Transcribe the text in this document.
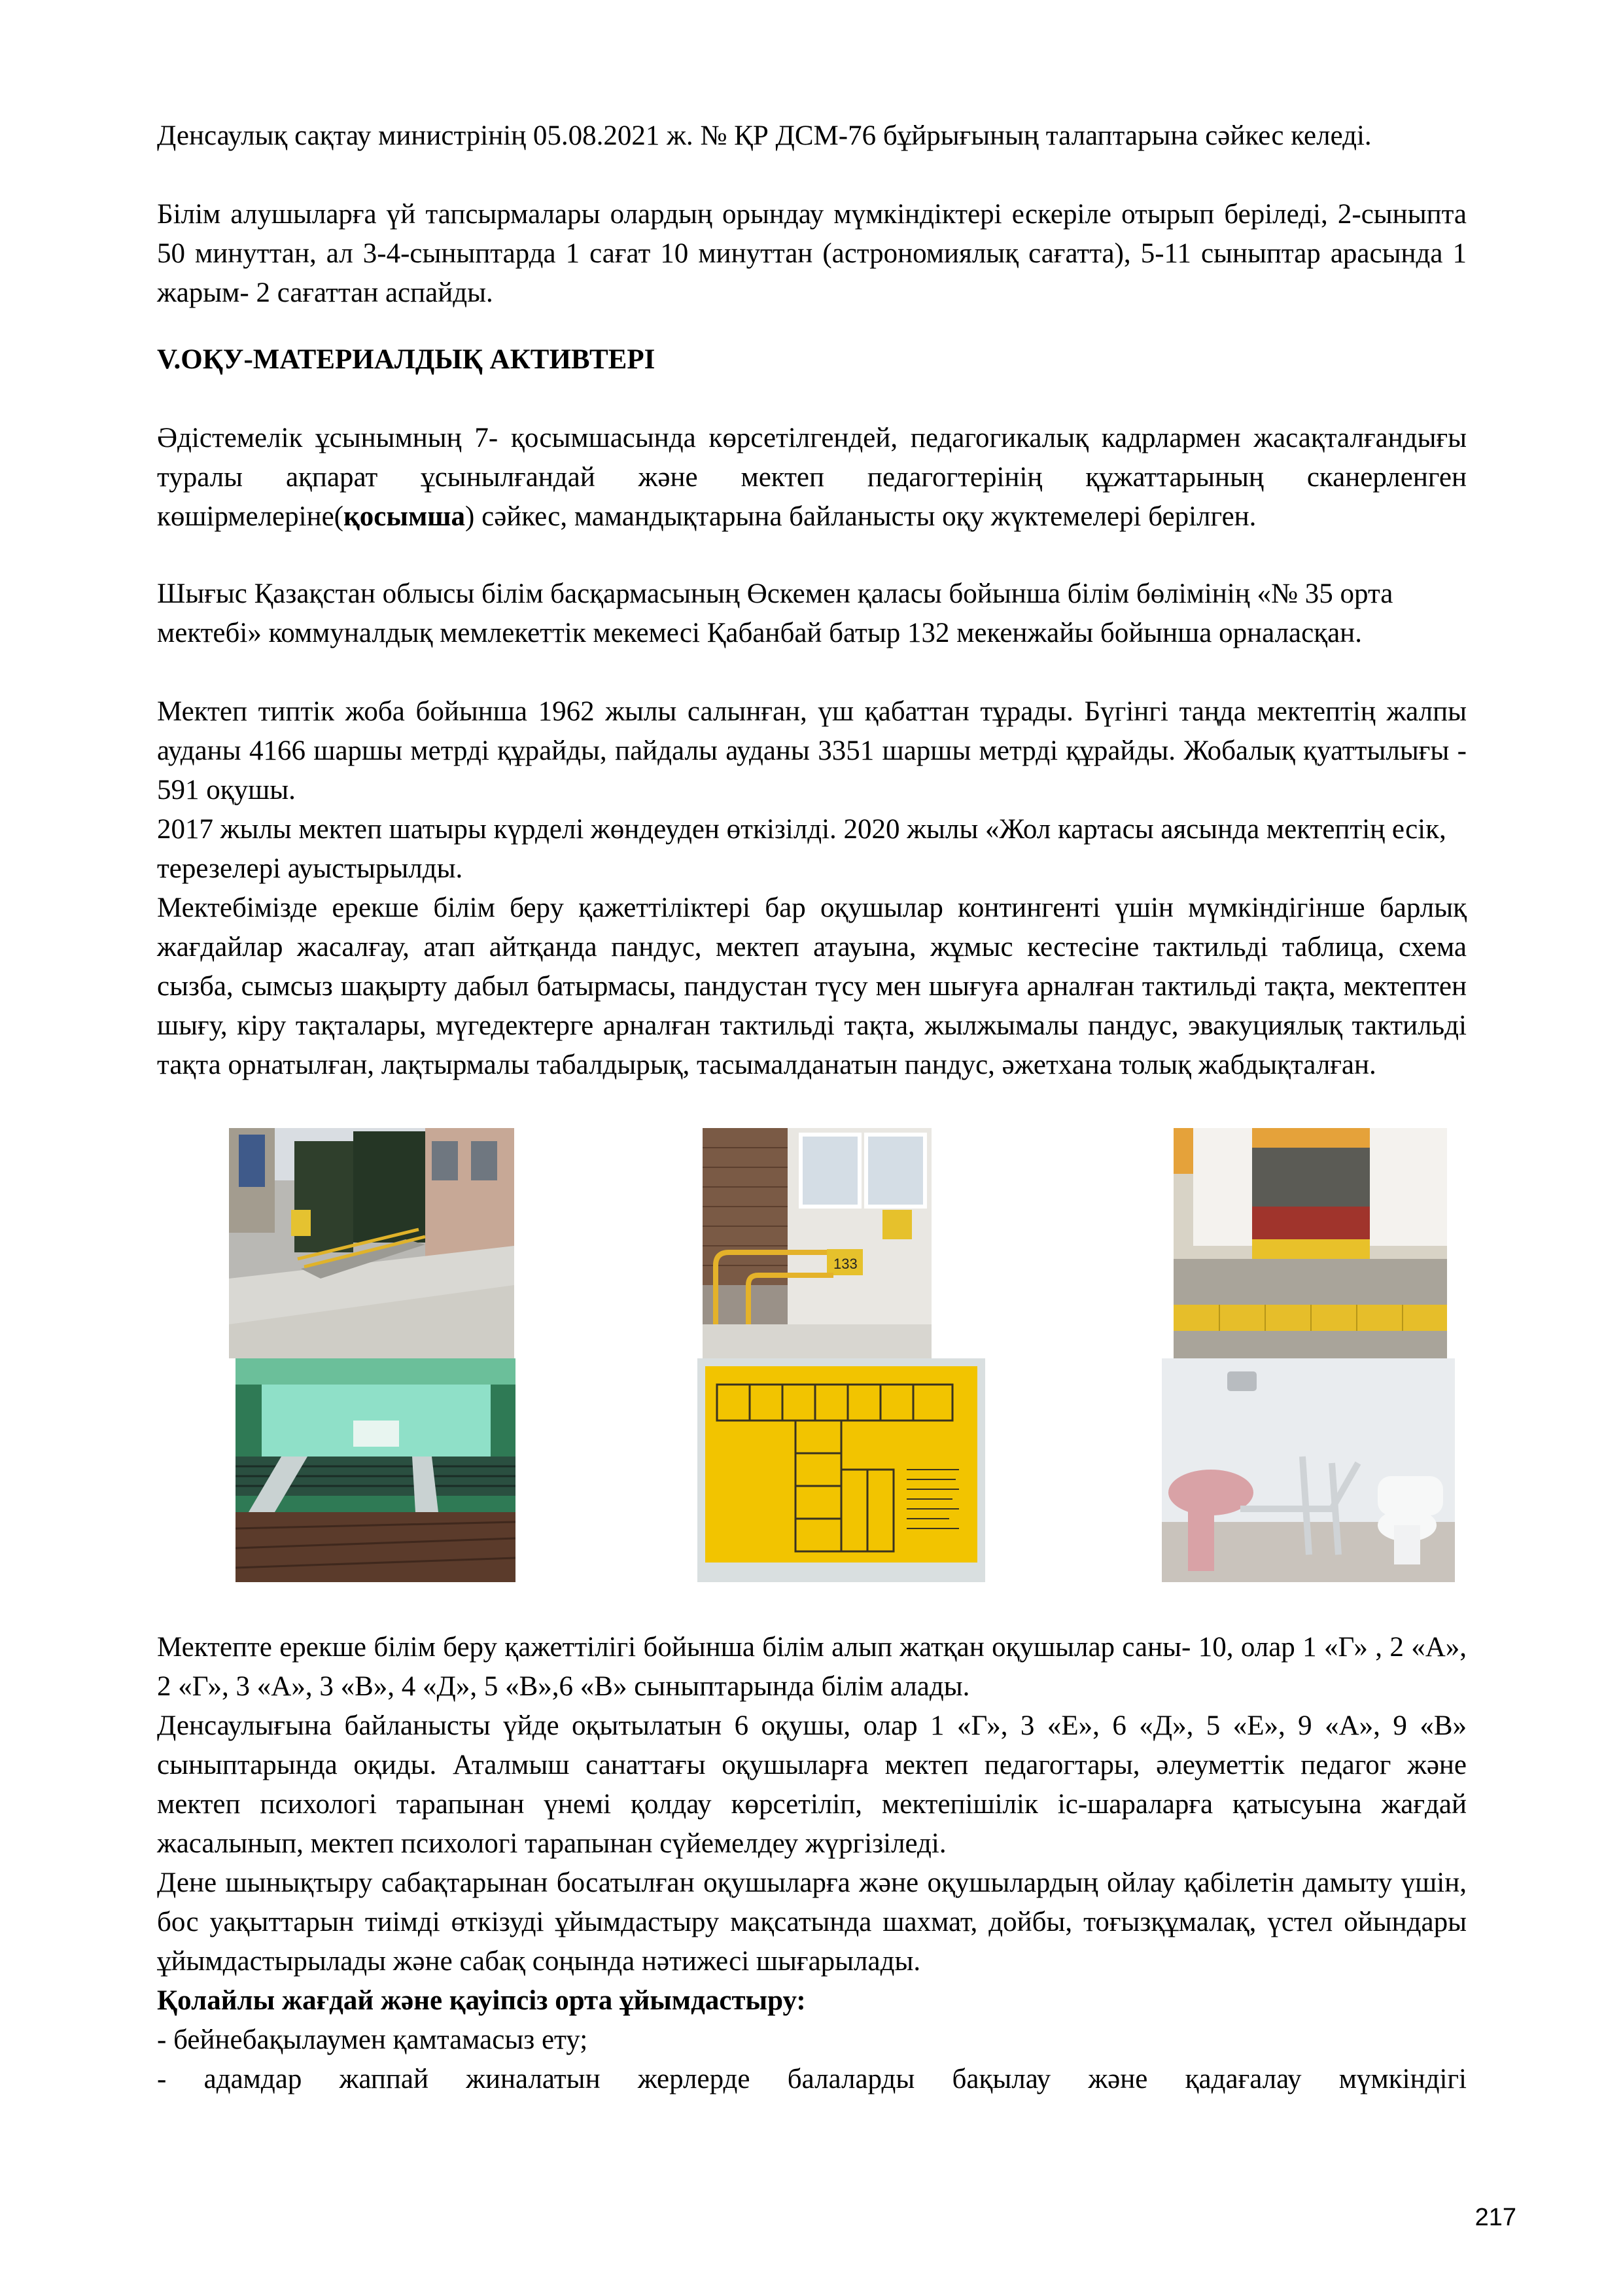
Денсаулық сақтау министрінің 05.08.2021 ж. № ҚР ДСМ-76 бұйрығының талаптарына сәйкес келеді.

Білім алушыларға үй тапсырмалары олардың орындау мүмкіндіктері ескеріле отырып беріледі, 2-сыныпта 50 минуттан, ал 3-4-сыныптарда 1 сағат 10 минуттан (астрономиялық сағатта), 5-11 сыныптар арасында 1 жарым- 2 сағаттан аспайды.

V.ОҚУ-МАТЕРИАЛДЫҚ АКТИВТЕРІ

Әдістемелік ұсынымның 7- қосымшасында көрсетілгендей, педагогикалық кадрлармен жасақталғандығы туралы ақпарат ұсынылғандай және мектеп педагогтерінің құжаттарының сканерленген көшірмелеріне(қосымша) сәйкес, мамандықтарына байланысты оқу жүктемелері берілген.

Шығыс Қазақстан облысы білім басқармасының Өскемен қаласы бойынша білім бөлімінің «№ 35 орта мектебі» коммуналдық мемлекеттік мекемесі Қабанбай батыр 132 мекенжайы бойынша орналасқан.

Мектеп типтік жоба бойынша 1962 жылы салынған, үш қабаттан тұрады. Бүгінгі таңда мектептің жалпы ауданы 4166 шаршы метрді құрайды, пайдалы ауданы 3351 шаршы метрді құрайды. Жобалық қуаттылығы - 591 оқушы.

2017 жылы мектеп шатыры күрделі жөндеуден өткізілді. 2020 жылы «Жол картасы аясында мектептің есік, терезелері ауыстырылды.

Мектебімізде ерекше білім беру қажеттіліктері бар оқушылар контингенті үшін мүмкіндігінше барлық жағдайлар жасалғау, атап айтқанда пандус, мектеп атауына, жұмыс кестесіне тактильді таблица, схема сызба, сымсыз шақырту дабыл батырмасы, пандустан түсу мен шығуға арналған тактильді тақта, мектептен шығу, кіру тақталары, мүгедектерге арналған тактильді тақта, жылжымалы пандус, эвакуциялық тактильді тақта орнатылған, лақтырмалы табалдырық, тасымалданатын пандус, әжетхана толық жабдықталған.

133

Мектепте ерекше білім беру қажеттілігі бойынша білім алып жатқан оқушылар саны- 10, олар 1 «Г» , 2 «А», 2 «Г», 3 «А», 3 «В», 4 «Д», 5 «В»,6 «В» сыныптарында білім алады.

Денсаулығына байланысты үйде оқытылатын 6 оқушы, олар 1 «Г», 3 «Е», 6 «Д», 5 «Е», 9 «А», 9 «В» сыныптарында оқиды. Аталмыш санаттағы оқушыларға мектеп педагогтары, әлеуметтік педагог және мектеп психологі тарапынан үнемі қолдау көрсетіліп, мектепішілік іс-шараларға қатысуына жағдай жасалынып, мектеп психологі тарапынан сүйемелдеу жүргізіледі.

Дене шынықтыру сабақтарынан босатылған оқушыларға және оқушылардың ойлау қабілетін дамыту үшін, бос уақыттарын тиімді өткізуді ұйымдастыру мақсатында шахмат, дойбы, тоғызқұмалақ, үстел ойындары ұйымдастырылады және сабақ соңында нәтижесі шығарылады.

Қолайлы жағдай және қауіпсіз орта ұйымдастыру:

- бейнебақылаумен қамтамасыз ету;

- адамдар жаппай жиналатын жерлерде балаларды бақылау және қадағалау мүмкіндігі

217
